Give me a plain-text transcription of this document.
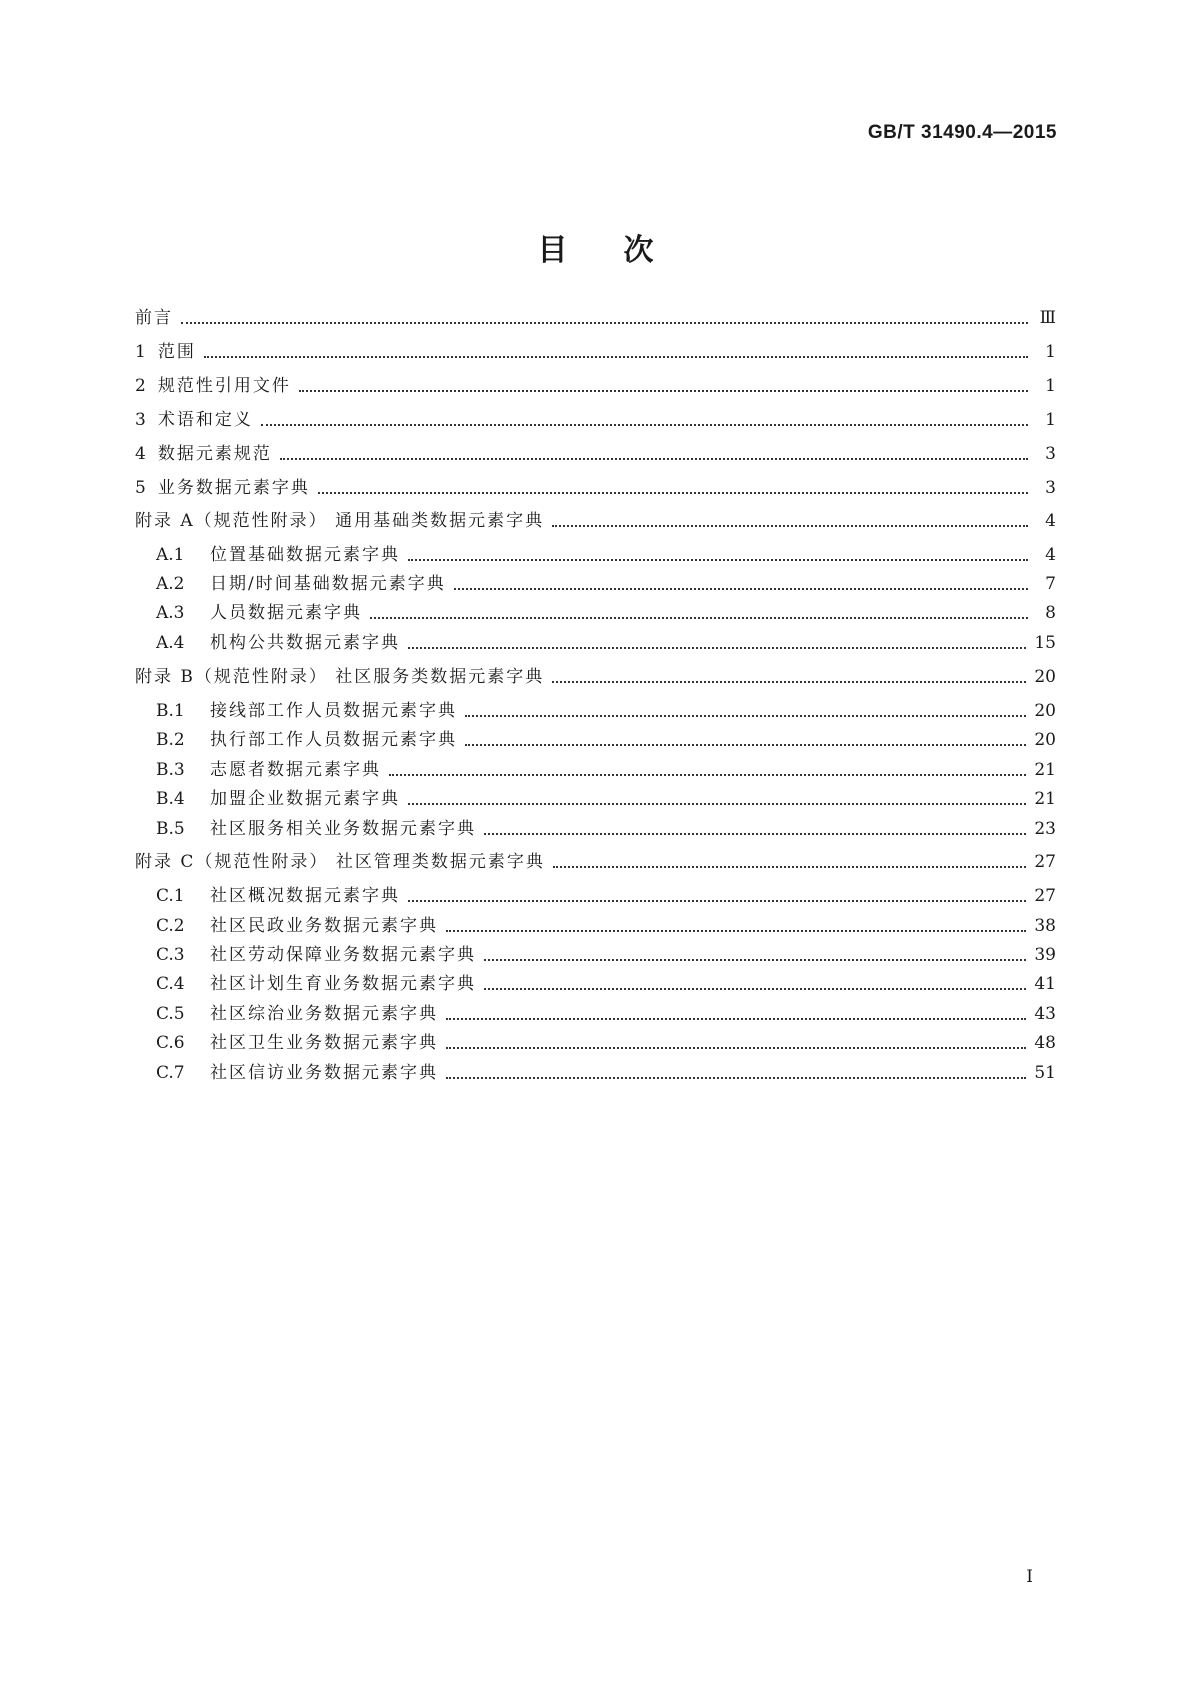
GB/T 31490.4—2015
目 次
前言	Ⅲ
1 范围	1
2 规范性引用文件	1
3 术语和定义	1
4 数据元素规范	3
5 业务数据元素字典	3
附录 A（规范性附录） 通用基础类数据元素字典	4
A.1	位置基础数据元素字典	4
A.2	日期/时间基础数据元素字典	7
A.3	人员数据元素字典	8
A.4	机构公共数据元素字典	15
附录 B（规范性附录） 社区服务类数据元素字典	20
B.1	接线部工作人员数据元素字典	20
B.2	执行部工作人员数据元素字典	20
B.3	志愿者数据元素字典	21
B.4	加盟企业数据元素字典	21
B.5	社区服务相关业务数据元素字典	23
附录 C（规范性附录） 社区管理类数据元素字典	27
C.1	社区概况数据元素字典	27
C.2	社区民政业务数据元素字典	38
C.3	社区劳动保障业务数据元素字典	39
C.4	社区计划生育业务数据元素字典	41
C.5	社区综治业务数据元素字典	43
C.6	社区卫生业务数据元素字典	48
C.7	社区信访业务数据元素字典	51
I
